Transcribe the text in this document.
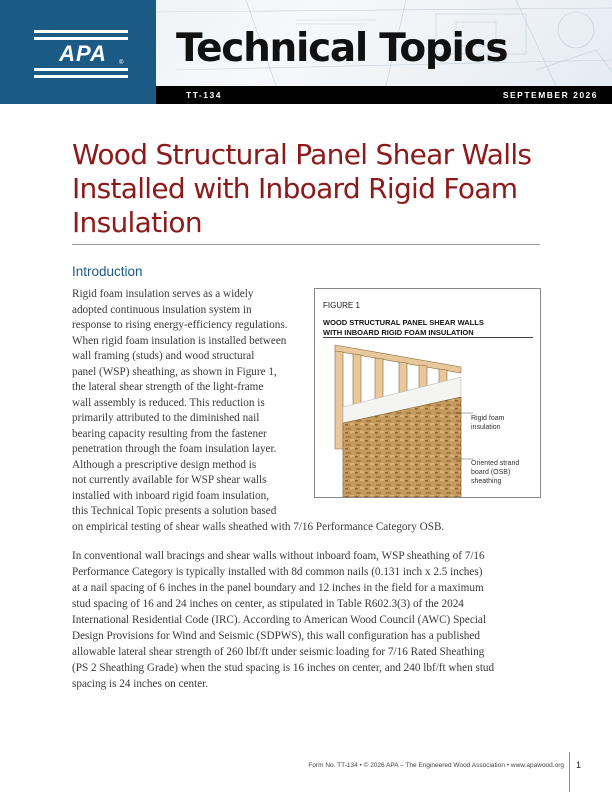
APA	® Technical Topics
TT-134	SEPTEMBER 2026
Wood Structural Panel Shear Walls Installed with Inboard Rigid Foam Insulation
Introduction

Rigid foam insulation serves as a widely

adopted continuous insulation system in

response to rising energy-efficiency regulations.

When rigid foam insulation is installed between

wall framing (studs) and wood structural

panel (WSP) sheathing, as shown in Figure 1,

the lateral shear strength of the light-frame

wall assembly is reduced. This reduction is

primarily attributed to the diminished nail

bearing capacity resulting from the fastener

penetration through the foam insulation layer.

Although a prescriptive design method is

not currently available for WSP shear walls

installed with inboard rigid foam insulation,

this Technical Topic presents a solution based

on empirical testing of shear walls sheathed with 7/16 Performance Category OSB.

FIGURE 1
WOOD STRUCTURAL PANEL SHEAR WALLS
WITH INBOARD RIGID FOAM INSULATION
Rigid foam
insulation
Oriented strand
board (OSB)
sheathing

In conventional wall bracings and shear walls without inboard foam, WSP sheathing of 7/16

Performance Category is typically installed with 8d common nails (0.131 inch x 2.5 inches)

at a nail spacing of 6 inches in the panel boundary and 12 inches in the field for a maximum

stud spacing of 16 and 24 inches on center, as stipulated in Table R602.3(3) of the 2024

International Residential Code (IRC). According to American Wood Council (AWC) Special

Design Provisions for Wind and Seismic (SDPWS), this wall configuration has a published

allowable lateral shear strength of 260 lbf/ft under seismic loading for 7/16 Rated Sheathing

(PS 2 Sheathing Grade) when the stud spacing is 16 inches on center, and 240 lbf/ft when stud

spacing is 24 inches on center.

Form No. TT-134 • © 2026 APA – The Engineered Wood Association • www.apawood.org 1
